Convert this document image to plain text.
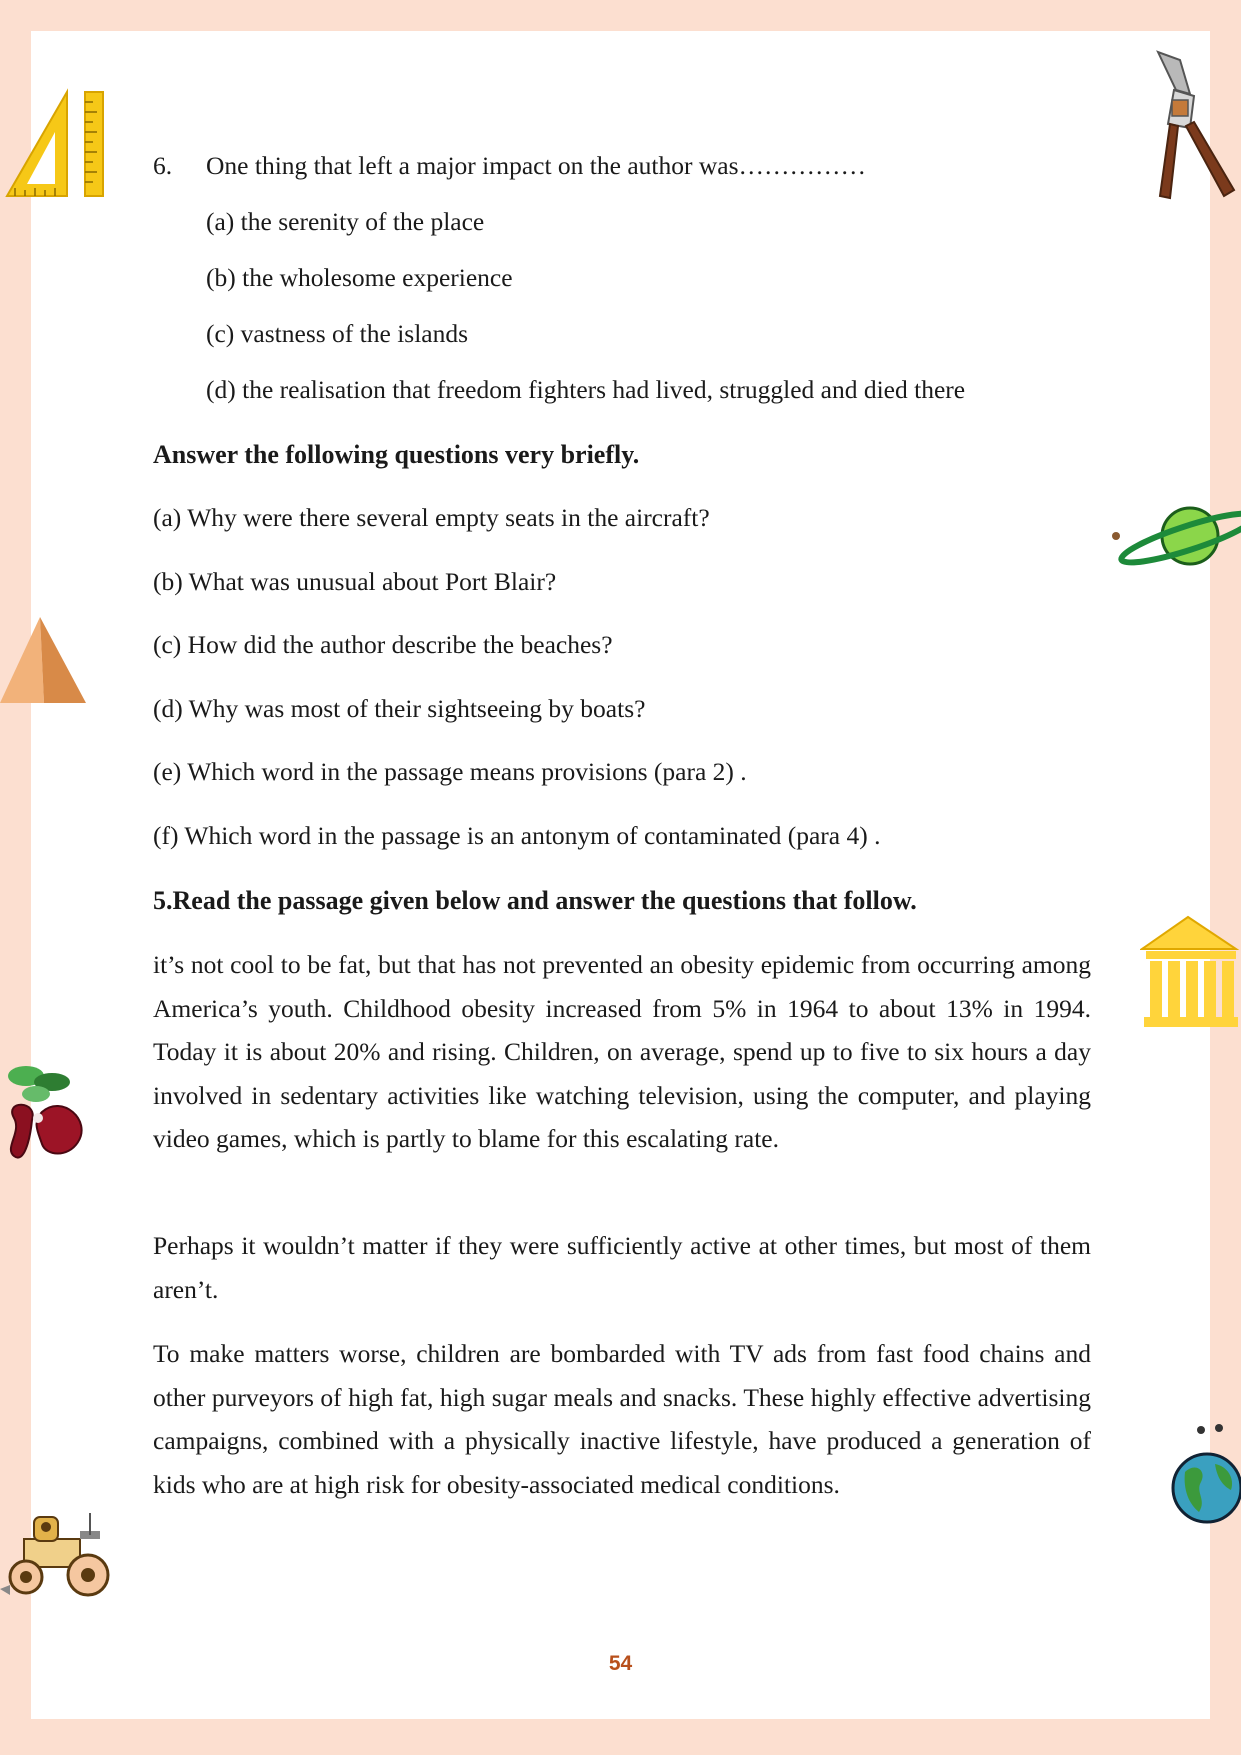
6.	One thing that left a major impact on the author was……………
(a) the serenity of the place
(b) the wholesome experience
(c) vastness of the islands
(d) the realisation that freedom fighters had lived, struggled and died there
Answer the following questions very briefly.
(a) Why were there several empty seats in the aircraft?
(b) What was unusual about Port Blair?
(c) How did the author describe the beaches?
(d) Why was most of their sightseeing by boats?
(e) Which word in the passage means provisions (para 2) .
(f) Which word in the passage is an antonym of contaminated (para 4) .
5.Read the passage given below and answer the questions that follow.
it’s not cool to be fat, but that has not prevented an obesity epidemic from occurring among America’s youth. Childhood obesity increased from 5% in 1964 to about 13% in 1994. Today it is about 20% and rising. Children, on average, spend up to five to six hours a day involved in sedentary activities like watching television, using the computer, and playing video games, which is partly to blame for this escalating rate.
Perhaps it wouldn’t matter if they were sufficiently active at other times, but most of them aren’t.
To make matters worse, children are bombarded with TV ads from fast food chains and other purveyors of high fat, high sugar meals and snacks. These highly effective advertising campaigns, combined with a physically inactive lifestyle, have produced a generation of kids who are at high risk for obesity-associated medical conditions.
54
